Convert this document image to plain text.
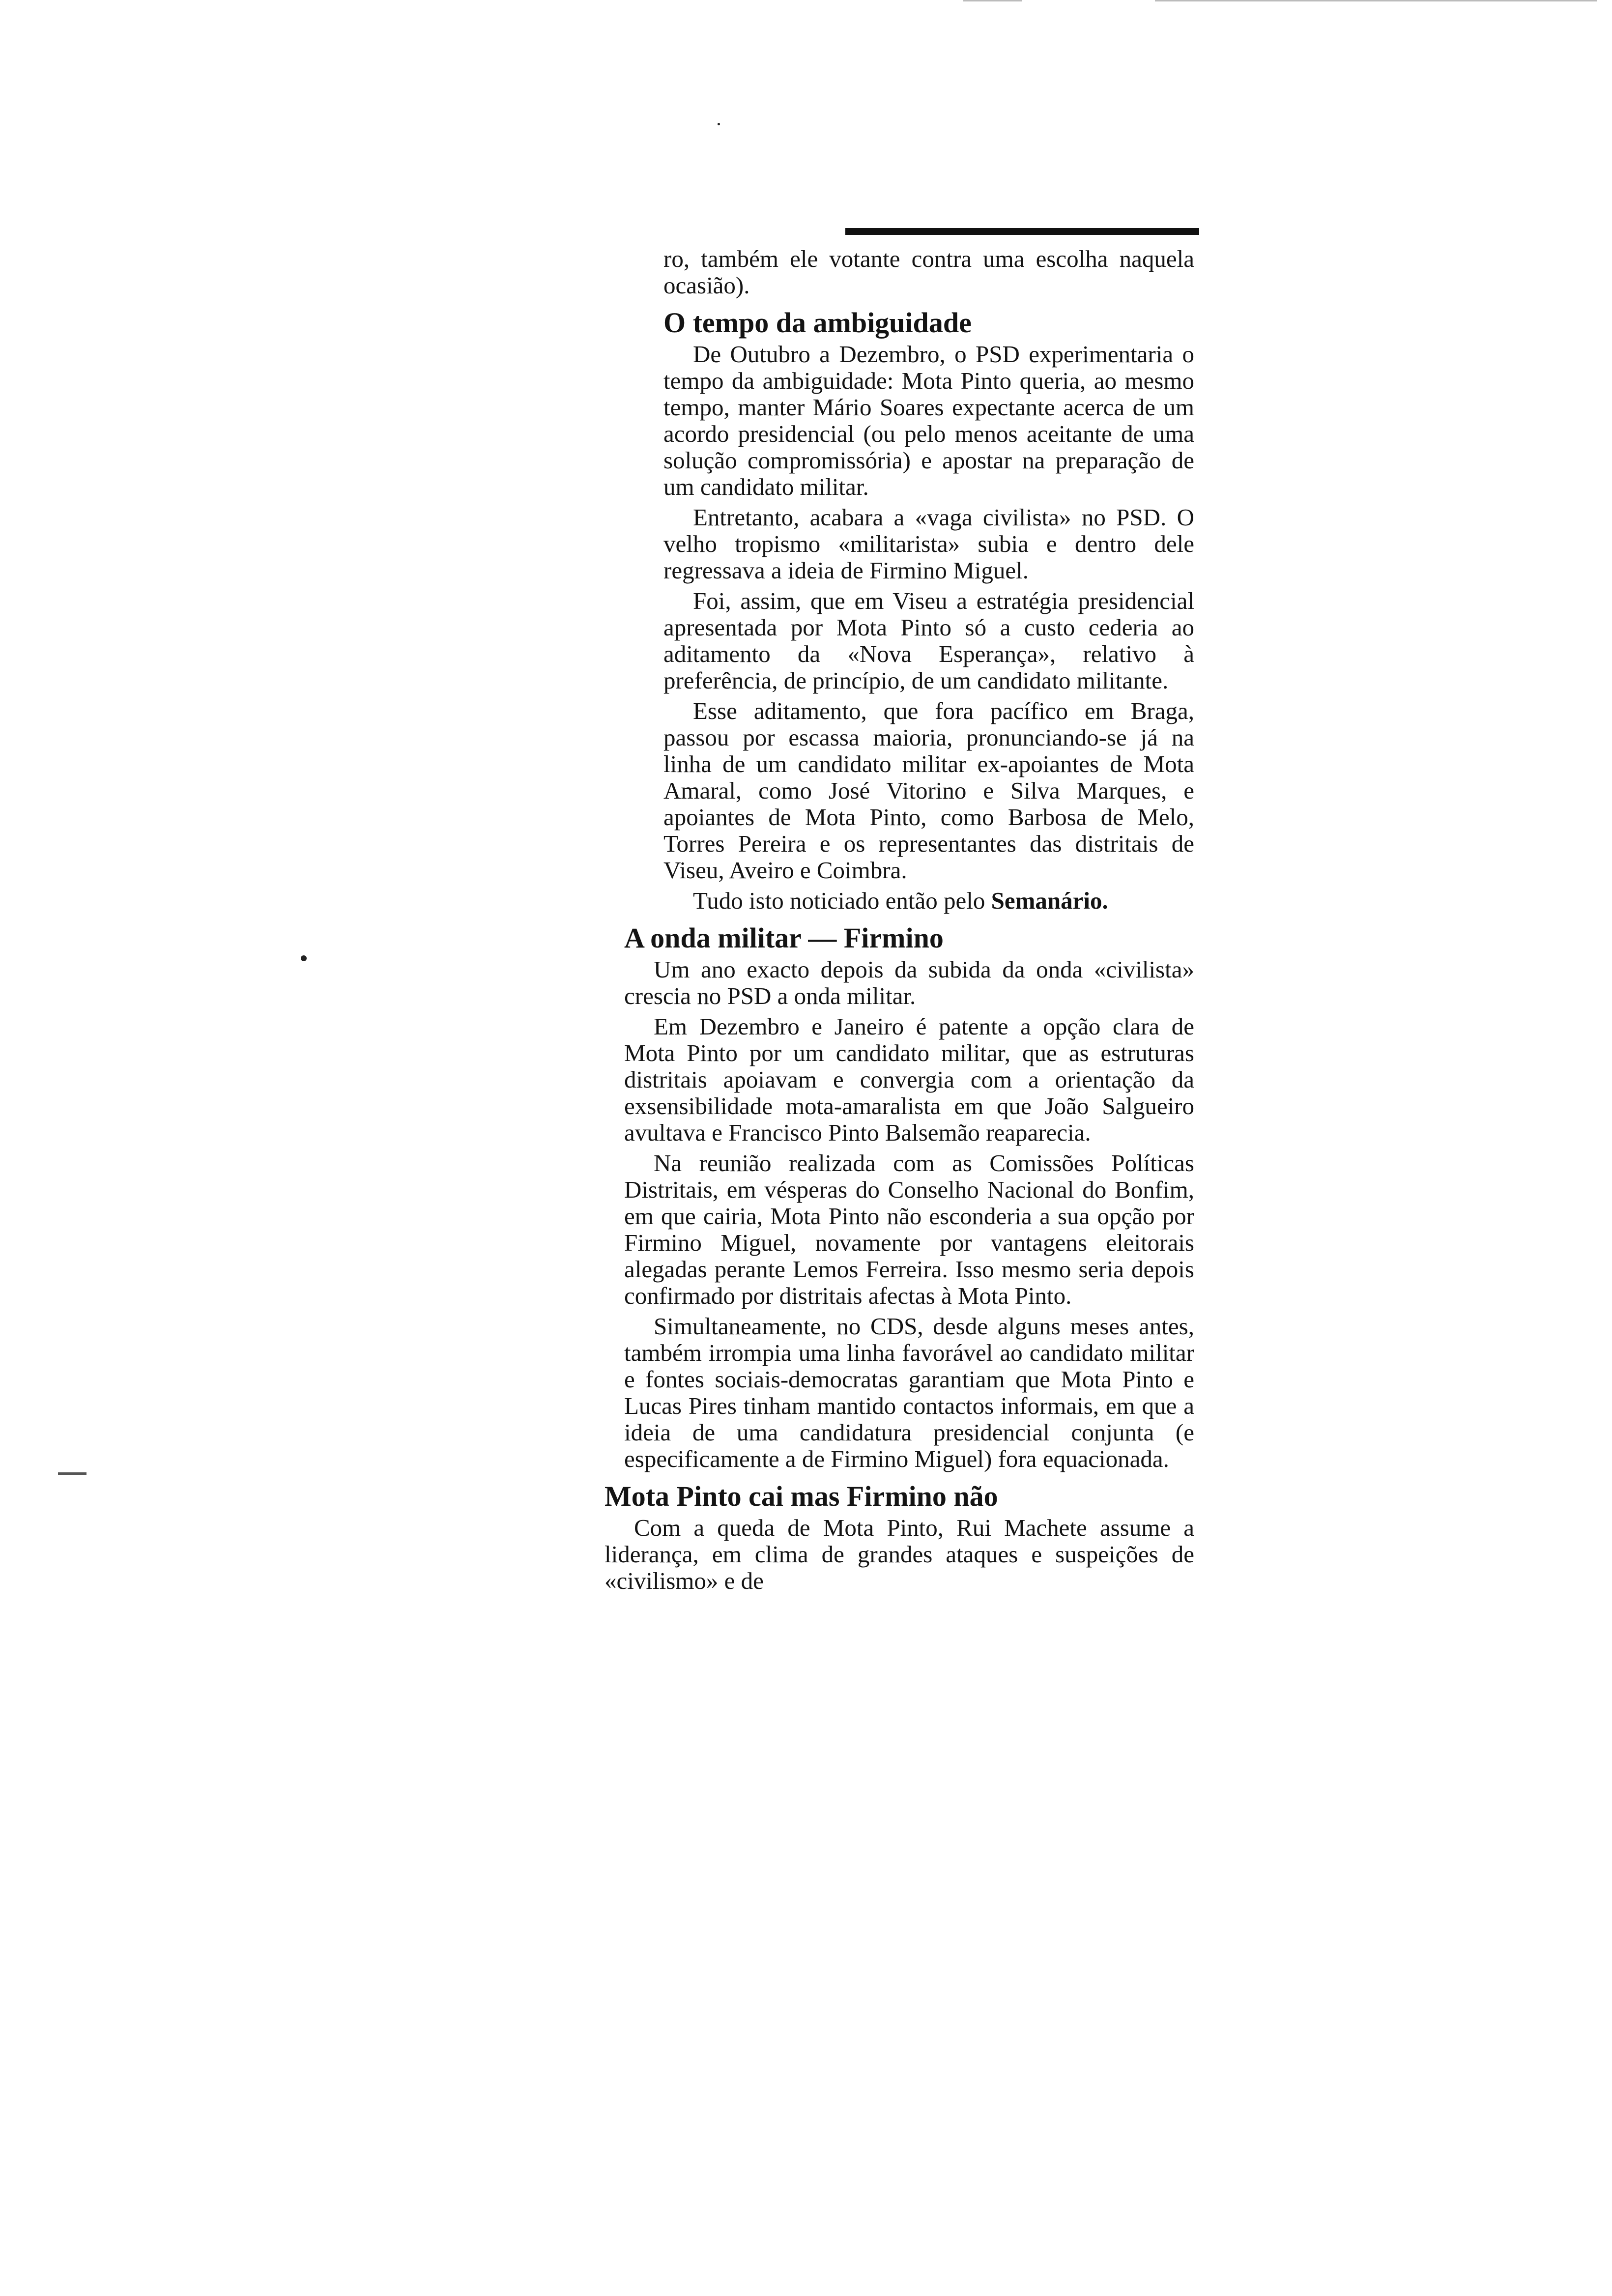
ro, também ele votante contra uma escolha naquela ocasião).

O tempo da ambiguidade

De Outubro a Dezembro, o PSD experimentaria o tempo da ambiguidade: Mota Pinto queria, ao mesmo tempo, manter Mário Soares expectante acerca de um acordo presidencial (ou pelo menos aceitante de uma solução compromissória) e apostar na preparação de um candidato militar.

Entretanto, acabara a «vaga civilista» no PSD. O velho tropismo «militarista» subia e dentro dele regressava a ideia de Firmino Miguel.

Foi, assim, que em Viseu a estratégia presidencial apresentada por Mota Pinto só a custo cederia ao aditamento da «Nova Esperança», relativo à preferência, de princípio, de um candidato militante.

Esse aditamento, que fora pacífico em Braga, passou por escassa maioria, pronunciando-se já na linha de um candidato militar ex-apoiantes de Mota Amaral, como José Vitorino e Silva Marques, e apoiantes de Mota Pinto, como Barbosa de Melo, Torres Pereira e os representantes das distritais de Viseu, Aveiro e Coimbra.

Tudo isto noticiado então pelo Semanário.

A onda militar — Firmino

Um ano exacto depois da subida da onda «civilista» crescia no PSD a onda militar.

Em Dezembro e Janeiro é patente a opção clara de Mota Pinto por um candidato militar, que as estruturas distritais apoiavam e convergia com a orientação da exsensibilidade mota-amaralista em que João Salgueiro avultava e Francisco Pinto Balsemão reaparecia.

Na reunião realizada com as Comissões Políticas Distritais, em vésperas do Conselho Nacional do Bonfim, em que cairia, Mota Pinto não esconderia a sua opção por Firmino Miguel, novamente por vantagens eleitorais alegadas perante Lemos Ferreira. Isso mesmo seria depois confirmado por distritais afectas à Mota Pinto.

Simultaneamente, no CDS, desde alguns meses antes, também irrompia uma linha favorável ao candidato militar e fontes sociais-democratas garantiam que Mota Pinto e Lucas Pires tinham mantido contactos informais, em que a ideia de uma candidatura presidencial conjunta (e especificamente a de Firmino Miguel) fora equacionada.

Mota Pinto cai mas Firmino não

Com a queda de Mota Pinto, Rui Machete assume a liderança, em clima de grandes ataques e suspeições de «civilismo» e de
